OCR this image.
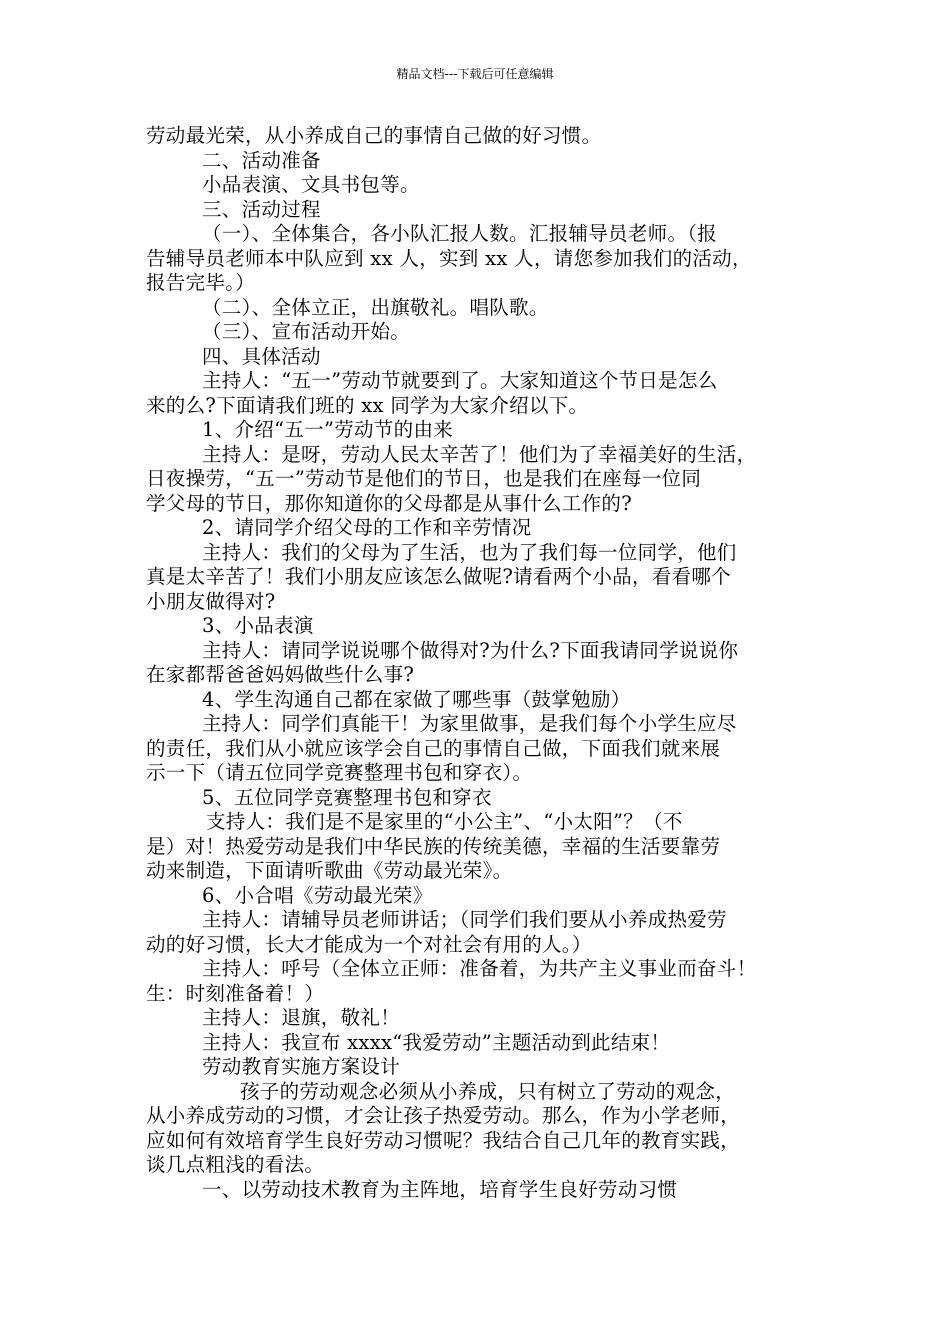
精品文档---下载后可任意编辑
劳动最光荣，从小养成自己的事情自己做的好习惯。
二、活动准备
小品表演、文具书包等。
三、活动过程
（一）、全体集合，各小队汇报人数。汇报辅导员老师。（报
告辅导员老师本中队应到 xx 人，实到 xx 人，请您参加我们的活动，
报告完毕。）
（二）、全体立正，出旗敬礼。唱队歌。
（三）、宣布活动开始。
四、具体活动
主持人：“五一”劳动节就要到了。大家知道这个节日是怎么
来的么?下面请我们班的 xx 同学为大家介绍以下。
1、介绍“五一”劳动节的由来
主持人：是呀，劳动人民太辛苦了！他们为了幸福美好的生活，
日夜操劳，“五一”劳动节是他们的节日，也是我们在座每一位同
学父母的节日，那你知道你的父母都是从事什么工作的?
2、请同学介绍父母的工作和辛劳情况
主持人：我们的父母为了生活，也为了我们每一位同学，他们
真是太辛苦了！我们小朋友应该怎么做呢?请看两个小品，看看哪个
小朋友做得对?
3、小品表演
主持人：请同学说说哪个做得对?为什么?下面我请同学说说你
在家都帮爸爸妈妈做些什么事?
4、学生沟通自己都在家做了哪些事（鼓掌勉励）
主持人：同学们真能干！为家里做事，是我们每个小学生应尽
的责任，我们从小就应该学会自己的事情自己做，下面我们就来展
示一下（请五位同学竞赛整理书包和穿衣）。
5、五位同学竞赛整理书包和穿衣
支持人：我们是不是家里的“小公主”、“小太阳”？（不
是）对！热爱劳动是我们中华民族的传统美德，幸福的生活要靠劳
动来制造，下面请听歌曲《劳动最光荣》。
6、小合唱《劳动最光荣》
主持人：请辅导员老师讲话；（同学们我们要从小养成热爱劳
动的好习惯，长大才能成为一个对社会有用的人。）
主持人：呼号（全体立正师：准备着，为共产主义事业而奋斗！
生：时刻准备着！）
主持人：退旗，敬礼！
主持人：我宣布 xxxx“我爱劳动”主题活动到此结束！
劳动教育实施方案设计
孩子的劳动观念必须从小养成，只有树立了劳动的观念，
从小养成劳动的习惯，才会让孩子热爱劳动。那么，作为小学老师，
应如何有效培育学生良好劳动习惯呢？我结合自己几年的教育实践，
谈几点粗浅的看法。
一、以劳动技术教育为主阵地，培育学生良好劳动习惯
